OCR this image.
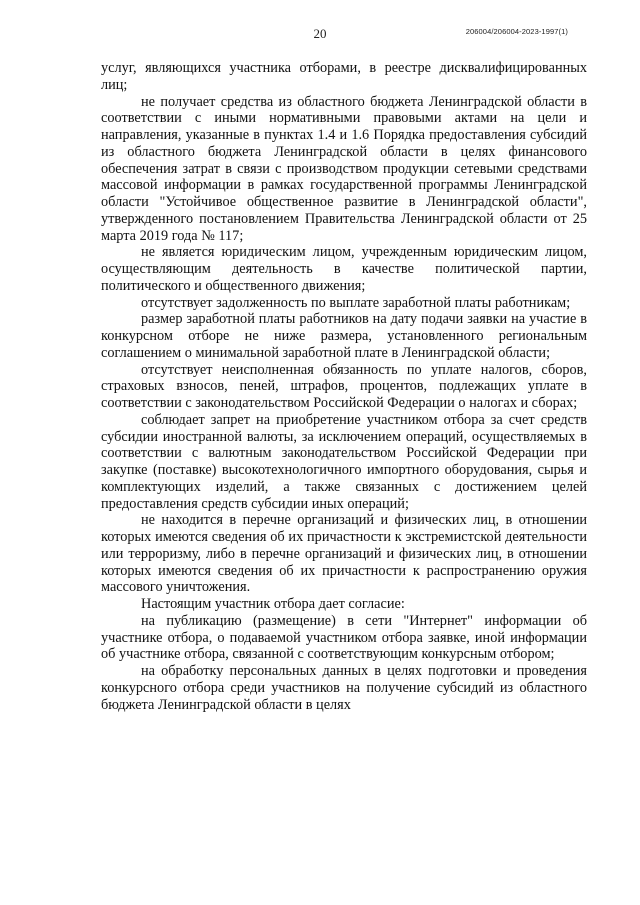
20	206004/206004-2023-1997(1)

услуг, являющихся участника отборами, в реестре дисквалифицированных лиц;

не получает средства из областного бюджета Ленинградской области в соответствии с иными нормативными правовыми актами на цели и направления, указанные в пунктах 1.4 и 1.6 Порядка предоставления субсидий из областного бюджета Ленинградской области в целях финансового обеспечения затрат в связи с производством продукции сетевыми средствами массовой информации в рамках государственной программы Ленинградской области "Устойчивое общественное развитие в Ленинградской области", утвержденного постановлением Правительства Ленинградской области от 25 марта 2019 года № 117;

не является юридическим лицом, учрежденным юридическим лицом, осуществляющим деятельность в качестве политической партии, политического и общественного движения;

отсутствует задолженность по выплате заработной платы работникам;

размер заработной платы работников на дату подачи заявки на участие в конкурсном отборе не ниже размера, установленного региональным соглашением о минимальной заработной плате в Ленинградской области;

отсутствует неисполненная обязанность по уплате налогов, сборов, страховых взносов, пеней, штрафов, процентов, подлежащих уплате в соответствии с законодательством Российской Федерации о налогах и сборах;

соблюдает запрет на приобретение участником отбора за счет средств субсидии иностранной валюты, за исключением операций, осуществляемых в соответствии с валютным законодательством Российской Федерации при закупке (поставке) высокотехнологичного импортного оборудования, сырья и комплектующих изделий, а также связанных с достижением целей предоставления средств субсидии иных операций;

не находится в перечне организаций и физических лиц, в отношении которых имеются сведения об их причастности к экстремистской деятельности или терроризму, либо в перечне организаций и физических лиц, в отношении которых имеются сведения об их причастности к распространению оружия массового уничтожения.

Настоящим участник отбора дает согласие:

на публикацию (размещение) в сети "Интернет" информации об участнике отбора, о подаваемой участником отбора заявке, иной информации об участнике отбора, связанной с соответствующим конкурсным отбором;

на обработку персональных данных в целях подготовки и проведения конкурсного отбора среди участников на получение субсидий из областного бюджета Ленинградской области в целях
